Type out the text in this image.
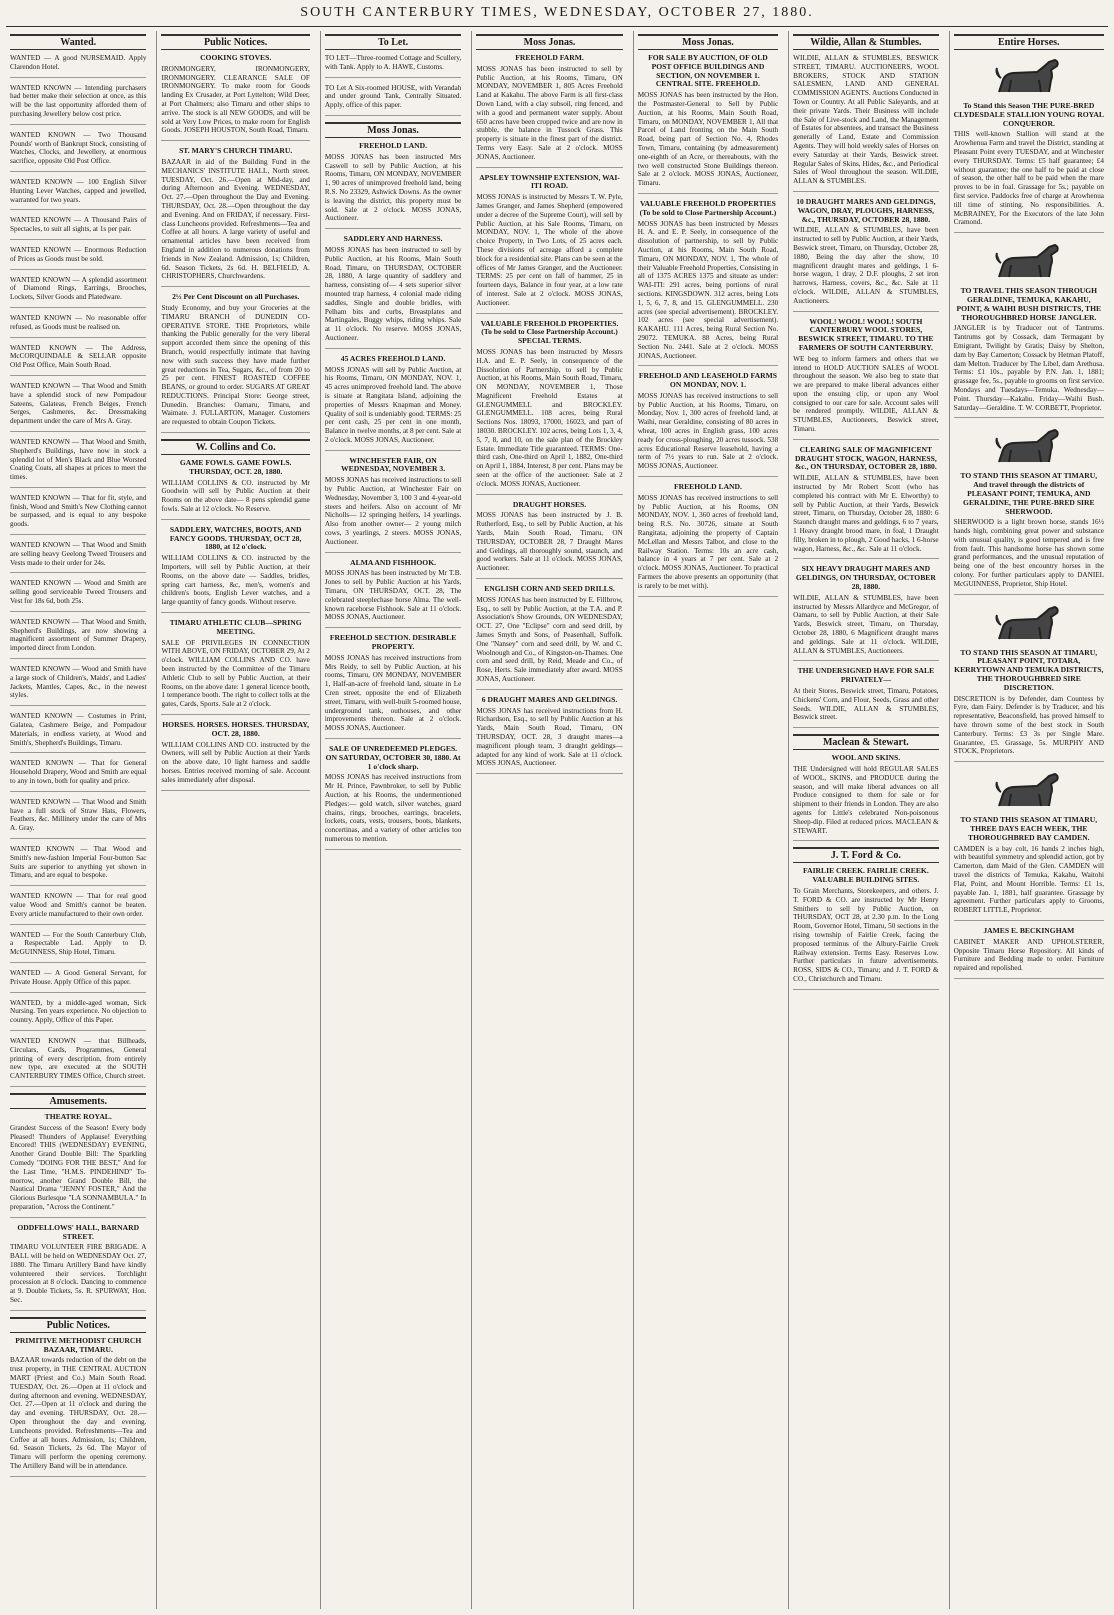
SOUTH CANTERBURY TIMES, WEDNESDAY, OCTOBER 27, 1880.
Wanted.
WANTED — A good NURSEMAID. Apply Clarendon Hotel.
WANTED KNOWN — Intending purchasers had better make their selection at once, as this will be the last opportunity afforded them of purchasing Jewellery below cost price.
WANTED KNOWN — Two Thousand Pounds' worth of Bankrupt Stock, consisting of Watches, Clocks, and Jewellery, at enormous sacrifice, opposite Old Post Office.
WANTED KNOWN — 100 English Silver Hunting Lever Watches, capped and jewelled, warranted for two years.
WANTED KNOWN — A Thousand Pairs of Spectacles, to suit all sights, at 1s per pair.
WANTED KNOWN — Enormous Reduction of Prices as Goods must be sold.
WANTED KNOWN — A splendid assortment of Diamond Rings, Earrings, Brooches, Lockets, Silver Goods and Platedware.
WANTED KNOWN — No reasonable offer refused, as Goods must be realised on.
WANTED KNOWN — The Address, McCORQUINDALE & SELLAR opposite Old Post Office, Main South Road.
WANTED KNOWN — That Wood and Smith have a splendid stock of new Pompadour Sateens, Galateas, French Beiges, French Serges, Cashmeres, &c. Dressmaking department under the care of Mrs A. Gray.
WANTED KNOWN — That Wood and Smith, Shepherd's Buildings, have now in stock a splendid lot of Men's Black and Blue Worsted Coating Coats, all shapes at prices to meet the times.
WANTED KNOWN — That for fit, style, and finish, Wood and Smith's New Clothing cannot be surpassed, and is equal to any bespoke goods.
WANTED KNOWN — That Wood and Smith are selling heavy Geelong Tweed Trousers and Vests made to their order for 24s.
WANTED KNOWN — Wood and Smith are selling good serviceable Tweed Trousers and Vest for 18s 6d, both 25s.
WANTED KNOWN — That Wood and Smith, Shepherd's Buildings, are now showing a magnificent assortment of Summer Drapery, imported direct from London.
WANTED KNOWN — Wood and Smith have a large stock of Children's, Maids', and Ladies' Jackets, Mantles, Capes, &c., in the newest styles.
WANTED KNOWN — Costumes in Print, Galatea, Cashmere Beige, and Pompadour Materials, in endless variety, at Wood and Smith's, Shepherd's Buildings, Timaru.
WANTED KNOWN — That for General Household Drapery, Wood and Smith are equal to any in town, both for quality and price.
WANTED KNOWN — That Wood and Smith have a full stock of Straw Hats, Flowers, Feathers, &c. Millinery under the care of Mrs A. Gray.
WANTED KNOWN — That Wood and Smith's new-fashion Imperial Four-button Sac Suits are superior to anything yet shown in Timaru, and are equal to bespoke.
WANTED KNOWN — That for real good value Wood and Smith's cannot be beaten. Every article manufactured to their own order.
WANTED — For the South Canterbury Club, a Respectable Lad. Apply to D. McGUINNESS, Ship Hotel, Timaru.
WANTED — A Good General Servant, for Private House. Apply Office of this paper.
WANTED, by a middle-aged woman, Sick Nursing. Ten years experience. No objection to country. Apply, Office of this Paper.
WANTED KNOWN — that Billheads, Circulars, Cards, Programmes, General printing of every description, from entirely new type, are executed at the SOUTH CANTERBURY TIMES Office, Church street.
Amusements.
THEATRE ROYAL.
Grandest Success of the Season! Every body Pleased! Thunders of Applause! Everything Encored! THIS (WEDNESDAY) EVENING, Another Grand Double Bill: The Sparkling Comedy "DOING FOR THE BEST," And for the Last Time, "H.M.S. PINDEHIND" To-morrow, another Grand Double Bill, the Nautical Drama "JENNY FOSTER," And the Glorious Burlesque "LA SONNAMBULA." In preparation, "Across the Continent."
ODDFELLOWS' HALL, BARNARD STREET.
TIMARU VOLUNTEER FIRE BRIGADE. A BALL will be held on WEDNESDAY Oct. 27, 1880. The Timaru Artillery Band have kindly volunteered their services. Torchlight procession at 8 o'clock. Dancing to commence at 9. Double Tickets, 5s. R. SPURWAY, Hon. Sec.
Public Notices.
PRIMITIVE METHODIST CHURCH BAZAAR, TIMARU.
BAZAAR towards reduction of the debt on the trust property, in THE CENTRAL AUCTION MART (Priest and Co.) Main South Road. TUESDAY, Oct. 26.—Open at 11 o'clock and during afternoon and evening. WEDNESDAY, Oct. 27.—Open at 11 o'clock and during the day and evening. THURSDAY, Oct. 28.—Open throughout the day and evening. Luncheons provided. Refreshments—Tea and Coffee at all hours. Admission, 1s; Children, 6d. Season Tickets, 2s 6d. The Mayor of Timaru will perform the opening ceremony. The Artillery Band will be in attendance.
Public Notices.
COOKING STOVES.
IRONMONGERY, IRONMONGERY, IRONMONGERY. CLEARANCE SALE OF IRONMONGERY. To make room for Goods landing Ex Crusader, at Port Lyttelton; Wild Deer, at Port Chalmers; also Timaru and other ships to arrive. The stock is all NEW GOODS, and will be sold at Very Low Prices, to make room for English Goods. JOSEPH HOUSTON, South Road, Timaru.
ST. MARY'S CHURCH TIMARU.
BAZAAR in aid of the Building Fund in the MECHANICS' INSTITUTE HALL, North street. TUESDAY, Oct. 26.—Open at Mid-day, and during Afternoon and Evening. WEDNESDAY, Oct. 27.—Open throughout the Day and Evening. THURSDAY, Oct. 28.—Open throughout the day and Evening. And on FRIDAY, if necessary. First-class Luncheons provided. Refreshments—Tea and Coffee at all hours. A large variety of useful and ornamental articles have been received from England in addition to numerous donations from friends in New Zealand. Admission, 1s; Children, 6d. Season Tickets, 2s 6d. H. BELFIELD, A. CHRISTOPHERS, Churchwardens.
2½ Per Cent Discount on all Purchases.
Study Economy, and buy your Groceries at the TIMARU BRANCH of DUNEDIN CO-OPERATIVE STORE. THE Proprietors, while thanking the Public generally for the very liberal support accorded them since the opening of this Branch, would respectfully intimate that having now with such success they have made further great reductions in Tea, Sugars, &c., of from 20 to 25 per cent. FINEST ROASTED COFFEE BEANS, or ground to order. SUGARS AT GREAT REDUCTIONS. Principal Store: George street, Dunedin. Branches: Oamaru, Timaru, and Waimate. J. FULLARTON, Manager. Customers are requested to obtain Coupon Tickets.
W. Collins and Co.
GAME FOWLS. GAME FOWLS. THURSDAY, OCT. 28, 1880.
WILLIAM COLLINS & CO. instructed by Mr Goodwin will sell by Public Auction at their Rooms on the above date— 8 pens splendid game fowls. Sale at 12 o'clock. No Reserve.
SADDLERY, WATCHES, BOOTS, AND FANCY GOODS. THURSDAY, OCT 28, 1880, at 12 o'clock.
WILLIAM COLLINS & CO. instructed by the Importers, will sell by Public Auction, at their Rooms, on the above date — Saddles, bridles, spring cart harness, &c, men's, women's and children's boots, English Lever watches, and a large quantity of fancy goods. Without reserve.
TIMARU ATHLETIC CLUB—SPRING MEETING.
SALE OF PRIVILEGES IN CONNECTION WITH ABOVE, ON FRIDAY, OCTOBER 29, At 2 o'clock. WILLIAM COLLINS AND CO. have been instructed by the Committee of the Timaru Athletic Club to sell by Public Auction, at their Rooms, on the above date: 1 general licence booth, 1 temperance booth. The right to collect tolls at the gates, Cards, Sports. Sale at 2 o'clock.
HORSES. HORSES. HORSES. THURSDAY, OCT. 28, 1880.
WILLIAM COLLINS AND CO. instructed by the Owners, will sell by Public Auction at their Yards on the above date, 10 light harness and saddle horses. Entries received morning of sale. Account sales immediately after disposal.
To Let.
TO LET—Three-roomed Cottage and Scullery, with Tank. Apply to A. HAWE, Customs.
TO Let A Six-roomed HOUSE, with Verandah and under ground Tank, Centrally Situated. Apply, office of this paper.
Moss Jonas.
FREEHOLD LAND.
MOSS JONAS has been instructed Mrs Caswell to sell by Public Auction, at his Rooms, Timaru, ON MONDAY, NOVEMBER 1, 90 acres of unimproved freehold land, being R.S. No 23329, Ashwick Downs. As the owner is leaving the district, this property must be sold. Sale at 2 o'clock. MOSS JONAS, Auctioneer.
SADDLERY AND HARNESS.
MOSS JONAS has been instructed to sell by Public Auction, at his Rooms, Main South Road, Timaru, on THURSDAY, OCTOBER 28, 1880, A large quantity of saddlery and harness, consisting of— 4 sets superior silver mounted trap harness, 4 colonial made riding saddles, Single and double bridles, with Pelham bits and curbs, Breastplates and Martingales, Buggy whips, riding whips. Sale at 11 o'clock. No reserve. MOSS JONAS, Auctioneer.
45 ACRES FREEHOLD LAND.
MOSS JONAS will sell by Public Auction, at his Rooms, Timaru, ON MONDAY, NOV. 1, 45 acres unimproved freehold land. The above is situate at Rangitata Island, adjoining the properties of Messrs Knapman and Money. Quality of soil is undeniably good. TERMS: 25 per cent cash, 25 per cent in one month, Balance in twelve months, at 8 per cent. Sale at 2 o'clock. MOSS JONAS, Auctioneer.
WINCHESTER FAIR, ON WEDNESDAY, NOVEMBER 3.
MOSS JONAS has received instructions to sell by Public Auction, at Winchester Fair on Wednesday, November 3, 100 3 and 4-year-old steers and heifers. Also on account of Mr Nicholls— 12 springing heifers, 14 yearlings. Also from another owner— 2 young milch cows, 3 yearlings, 2 steers. MOSS JONAS, Auctioneer.
ALMA AND FISHHOOK.
MOSS JONAS has been instructed by Mr T.B. Jones to sell by Public Auction at his Yards, Timaru, ON THURSDAY, OCT. 28, The celebrated steeplechase horse Alma. The well-known racehorse Fishhook. Sale at 11 o'clock. MOSS JONAS, Auctioneer.
FREEHOLD SECTION. DESIRABLE PROPERTY.
MOSS JONAS has received instructions from Mrs Reidy, to sell by Public Auction, at his rooms, Timaru, ON MONDAY, NOVEMBER 1, Half-an-acre of freehold land, situate in Le Cren street, opposite the end of Elizabeth street, Timaru, with well-built 5-roomed house, underground tank, outhouses, and other improvements thereon. Sale at 2 o'clock. MOSS JONAS, Auctioneer.
SALE OF UNREDEEMED PLEDGES. ON SATURDAY, OCTOBER 30, 1880. At 1 o'clock sharp.
MOSS JONAS has received instructions from Mr H. Prince, Pawnbroker, to sell by Public Auction, at his Rooms, the undermentioned Pledges:— gold watch, silver watches, guard chains, rings, brooches, earrings, bracelets, lockets, coats, vests, trousers, boots, blankets, concertinas, and a variety of other articles too numerous to mention.
Moss Jonas.
FREEHOLD FARM.
MOSS JONAS has been instructed to sell by Public Auction, at his Rooms, Timaru, ON MONDAY, NOVEMBER 1, 805 Acres Freehold Land at Kakahu. The above Farm is all first-class Down Land, with a clay subsoil, ring fenced, and with a good and permanent water supply. About 650 acres have been cropped twice and are now in stubble, the balance in Tussock Grass. This property is situate in the finest part of the district. Terms very Easy. Sale at 2 o'clock. MOSS JONAS, Auctioneer.
APSLEY TOWNSHIP EXTENSION, WAI-ITI ROAD.
MOSS JONAS is instructed by Messrs T. W. Pyle, James Granger, and James Shepherd (empowered under a decree of the Supreme Court), will sell by Public Auction, at his Sale Rooms, Timaru, on MONDAY, NOV. 1, The whole of the above choice Property, in Two Lots, of 25 acres each. These divisions of acreage afford a complete block for a residential site. Plans can be seen at the offices of Mr James Granger, and the Auctioneer. TERMS: 25 per cent on fall of hammer, 25 in fourteen days, Balance in four year, at a low rate of interest. Sale at 2 o'clock. MOSS JONAS, Auctioneer.
VALUABLE FREEHOLD PROPERTIES. (To be sold to Close Partnership Account.) SPECIAL TERMS.
MOSS JONAS has been instructed by Messrs H.A. and E. P. Seely, in consequence of the Dissolution of Partnership, to sell by Public Auction, at his Rooms, Main South Road, Timaru, ON MONDAY, NOVEMBER 1, Those Magnificent Freehold Estates at GLENGUMMELL and BROCKLEY. GLENGUMMELL. 108 acres, being Rural Sections Nos. 18093, 17000, 16023, and part of 18030. BROCKLEY. 102 acres, being Lots 1, 3, 4, 5, 7, 8, and 10, on the sale plan of the Brockley Estate. Immediate Title guaranteed. TERMS: One-third cash, One-third on April 1, 1882, One-third on April 1, 1884, Interest, 8 per cent. Plans may be seen at the office of the auctioneer. Sale at 2 o'clock. MOSS JONAS, Auctioneer.
DRAUGHT HORSES.
MOSS JONAS has been instructed by J. B. Rutherford, Esq., to sell by Public Auction, at his Yards, Main South Road, Timaru, ON THURSDAY, OCTOBER 28, 7 Draught Mares and Geldings, all thoroughly sound, staunch, and good workers. Sale at 11 o'clock. MOSS JONAS, Auctioneer.
ENGLISH CORN AND SEED DRILLS.
MOSS JONAS has been instructed by E. Fillbrow, Esq., to sell by Public Auction, at the T.A. and P. Association's Show Grounds, ON WEDNESDAY, OCT. 27, One "Eclipse" corn and seed drill, by James Smyth and Sons, of Peasenhall, Suffolk. One "Nansey" corn and seed drill, by W. and C. Woolnough and Co., of Kingston-on-Thames. One corn and seed drill, by Reid, Meade and Co., of Rose, Herts. Sale immediately after award. MOSS JONAS, Auctioneer.
6 DRAUGHT MARES AND GELDINGS.
MOSS JONAS has received instructions from H. Richardson, Esq., to sell by Public Auction at his Yards, Main South Road, Timaru, ON THURSDAY, OCT. 28, 3 draught mares—a magnificent plough team, 3 draught geldings—adapted for any kind of work. Sale at 11 o'clock. MOSS JONAS, Auctioneer.
Moss Jonas.
FOR SALE BY AUCTION, OF OLD POST OFFICE BUILDINGS AND SECTION, ON NOVEMBER 1. CENTRAL SITE. FREEHOLD.
MOSS JONAS has been instructed by the Hon. the Postmaster-General to Sell by Public Auction, at his Rooms, Main South Road, Timaru, on MONDAY, NOVEMBER 1, All that Parcel of Land fronting on the Main South Road, being part of Section No. 4, Rhodes Town, Timaru, containing (by admeasurement) one-eighth of an Acre, or thereabouts, with the two well constructed Stone Buildings thereon. Sale at 2 o'clock. MOSS JONAS, Auctioneer, Timaru.
VALUABLE FREEHOLD PROPERTIES (To be sold to Close Partnership Account.)
MOSS JONAS has been instructed by Messrs H. A. and E. P. Seely, in consequence of the dissolution of partnership, to sell by Public Auction, at his Rooms, Main South Road, Timaru, ON MONDAY, NOV. 1, The whole of their Valuable Freehold Properties, Consisting in all of 1375 ACRES 1375 and situate as under: WAI-ITI: 291 acres, being portions of rural sections. KINGSDOWN. 312 acres, being Lots 1, 5, 6, 7, 8, and 15. GLENGUMMELL. 230 acres (see special advertisement). BROCKLEY. 102 acres (see special advertisement). KAKAHU. 111 Acres, being Rural Section No. 29072. TEMUKA. 88 Acres, being Rural Section No. 2441. Sale at 2 o'clock. MOSS JONAS, Auctioneer.
FREEHOLD AND LEASEHOLD FARMS ON MONDAY, NOV. 1.
MOSS JONAS has received instructions to sell by Public Auction, at his Rooms, Timaru, on Monday, Nov. 1, 300 acres of freehold land, at Waihi, near Geraldine, consisting of 80 acres in wheat, 100 acres in English grass, 100 acres ready for cross-ploughing, 20 acres tussock. 538 acres Educational Reserve leasehold, having a term of 7½ years to run. Sale at 2 o'clock. MOSS JONAS, Auctioneer.
FREEHOLD LAND.
MOSS JONAS has received instructions to sell by Public Auction, at his Rooms, ON MONDAY, NOV. 1, 360 acres of freehold land, being R.S. No. 30726, situate at South Rangitata, adjoining the property of Captain McLellan and Messrs Talbot, and close to the Railway Station. Terms: 10s an acre cash, balance in 4 years at 7 per cent. Sale at 2 o'clock. MOSS JONAS, Auctioneer. To practical Farmers the above presents an opportunity (that is rarely to be met with).
Wildie, Allan & Stumbles.
WILDIE, ALLAN & STUMBLES, BESWICK STREET, TIMARU. AUCTIONEERS, WOOL BROKERS, STOCK AND STATION SALESMEN, LAND AND GENERAL COMMISSION AGENTS. Auctions Conducted in Town or Country. At all Public Saleyards, and at their private Yards. Their Business will include the Sale of Live-stock and Land, the Management of Estates for absentees, and transact the Business generally of Land, Estate and Commission Agents. They will hold weekly sales of Horses on every Saturday at their Yards, Beswick street. Regular Sales of Skins, Hides, &c., and Periodical Sales of Wool throughout the season. WILDIE, ALLAN & STUMBLES.
10 DRAUGHT MARES AND GELDINGS, WAGON, DRAY, PLOUGHS, HARNESS, &c., THURSDAY, OCTOBER 28, 1880.
WILDIE, ALLAN & STUMBLES, have been instructed to sell by Public Auction, at their Yards, Beswick street, Timaru, on Thursday, October 28, 1880, Being the day after the show, 10 magnificent draught mares and geldings, 1 6-horse wagon, 1 dray, 2 D.F. ploughs, 2 set iron harrows, Harness, covers, &c., &c. Sale at 11 o'clock. WILDIE, ALLAN & STUMBLES, Auctioneers.
WOOL! WOOL! WOOL! SOUTH CANTERBURY WOOL STORES, BESWICK STREET, TIMARU. TO THE FARMERS OF SOUTH CANTERBURY.
WE beg to inform farmers and others that we intend to HOLD AUCTION SALES of WOOL throughout the season. We also beg to state that we are prepared to make liberal advances either upon the ensuing clip, or upon any Wool consigned to our care for sale. Account sales will be rendered promptly. WILDIE, ALLAN & STUMBLES, Auctioneers, Beswick street, Timaru.
CLEARING SALE OF MAGNIFICENT DRAUGHT STOCK, WAGON, HARNESS, &c., ON THURSDAY, OCTOBER 28, 1880.
WILDIE, ALLAN & STUMBLES, have been instructed by Mr Robert Scott (who has completed his contract with Mr E. Elworthy) to sell by Public Auction, at their Yards, Beswick street, Timaru, on Thursday, October 28, 1880: 6 Staunch draught mares and geldings, 6 to 7 years, 1 Heavy draught brood mare, in foal, 1 Draught filly, broken in to plough, 2 Good hacks, 1 6-horse wagon, Harness, &c., &c. Sale at 11 o'clock.
SIX HEAVY DRAUGHT MARES AND GELDINGS, ON THURSDAY, OCTOBER 28, 1880.
WILDIE, ALLAN & STUMBLES, have been instructed by Messrs Allardyce and McGregor, of Oamaru, to sell by Public Auction, at their Sale Yards, Beswick street, Timaru, on Thursday, October 28, 1880, 6 Magnificent draught mares and geldings. Sale at 11 o'clock. WILDIE, ALLAN & STUMBLES, Auctioneers.
THE UNDERSIGNED HAVE FOR SALE PRIVATELY—
At their Stores, Beswick street, Timaru, Potatoes, Chickens' Corn, and Flour, Seeds, Grass and other Seeds. WILDIE, ALLAN & STUMBLES, Beswick street.
Maclean & Stewart.
WOOL AND SKINS.
THE Undersigned will hold REGULAR SALES of WOOL, SKINS, and PRODUCE during the season, and will make liberal advances on all Produce consigned to them for sale or for shipment to their friends in London. They are also agents for Little's celebrated Non-poisonous Sheep-dip. Filed at reduced prices. MACLEAN & STEWART.
J. T. Ford & Co.
FAIRLIE CREEK. FAIRLIE CREEK. VALUABLE BUILDING SITES.
To Grain Merchants, Storekeepers, and others. J. T. FORD & CO. are instructed by Mr Henry Smithers to sell by Public Auction, on THURSDAY, OCT 28, at 2.30 p.m. In the Long Room, Governor Hotel, Timaru, 50 sections in the rising township of Fairlie Creek, facing the proposed terminus of the Albury-Fairlie Creek Railway extension. Terms Easy. Reserves Low. Further particulars in future advertisements. ROSS, SIDS & CO., Timaru; and J. T. FORD & CO., Christchurch and Timaru.
Entire Horses.
To Stand this Season THE PURE-BRED CLYDESDALE STALLION YOUNG ROYAL CONQUEROR.
THIS well-known Stallion will stand at the Arowhenua Farm and travel the District, standing at Pleasant Point every TUESDAY, and at Winchester every THURSDAY. Terms: £5 half guarantee; £4 without guarantee; the one half to be paid at close of season, the other half to be paid when the mare proves to be in foal. Grassage for 5s.; payable on first service. Paddocks free of charge at Arowhenua till time of stinting. No responsibilities. A. McBRAINEY, For the Executors of the late John Cramond.
TO TRAVEL THIS SEASON THROUGH GERALDINE, TEMUKA, KAKAHU, POINT, & WAIHI BUSH DISTRICTS, THE THOROUGHBRED HORSE JANGLER.
JANGLER is by Traducer out of Tantrums. Tantrums got by Cossack, dam Termagant by Emigrant, Twilight by Gratis; Daisy by Shelton, dam by Bay Camerton; Cossack by Hetman Platoff, dam Melton. Traducer by The Libel, dam Arethusa. Terms: £1 10s., payable by P.N. Jan. 1, 1881; grassage fee, 5s., payable to grooms on first service. Mondays and Tuesdays—Temuka. Wednesday—Point. Thursday—Kakahu. Friday—Waihi Bush. Saturday—Geraldine. T. W. CORBETT, Proprietor.
TO STAND THIS SEASON AT TIMARU, And travel through the districts of PLEASANT POINT, TEMUKA, AND GERALDINE, THE PURE-BRED SIRE SHERWOOD.
SHERWOOD is a light brown horse, stands 16½ hands high, combining great power and substance with unusual quality, is good tempered and is free from fault. This handsome horse has shown some grand performances, and the unusual reputation of being one of the best encountry horses in the colony. For further particulars apply to DANIEL McGUINNESS, Proprietor, Ship Hotel.
TO STAND THIS SEASON AT TIMARU, PLEASANT POINT, TOTARA, KERRYTOWN AND TEMUKA DISTRICTS, THE THOROUGHBRED SIRE DISCRETION.
DISCRETION is by Defender, dam Countess by Fyre, dam Fairy. Defender is by Traducer, and his representative, Beaconsfield, has proved himself to have thrown some of the best stock in South Canterbury. Terms: £3 3s per Single Mare. Guarantee, £5. Grassage, 5s. MURPHY AND STOCK, Proprietors.
TO STAND THIS SEASON AT TIMARU, THREE DAYS EACH WEEK, THE THOROUGHBRED BAY CAMDEN.
CAMDEN is a bay colt, 16 hands 2 inches high, with beautiful symmetry and splendid action, got by Camerton, dam Maid of the Glen. CAMDEN will travel the districts of Temuka, Kakahu, Waitohi Flat, Point, and Mount Horrible. Terms: £1 1s, payable Jan. 1, 1881, half guarantee. Grassage by agreement. Further particulars apply to Grooms, ROBERT LITTLE, Proprietor.
JAMES E. BECKINGHAM
CABINET MAKER AND UPHOLSTERER, Opposite Timaru Horse Repository. All kinds of Furniture and Bedding made to order. Furniture repaired and repolished.
